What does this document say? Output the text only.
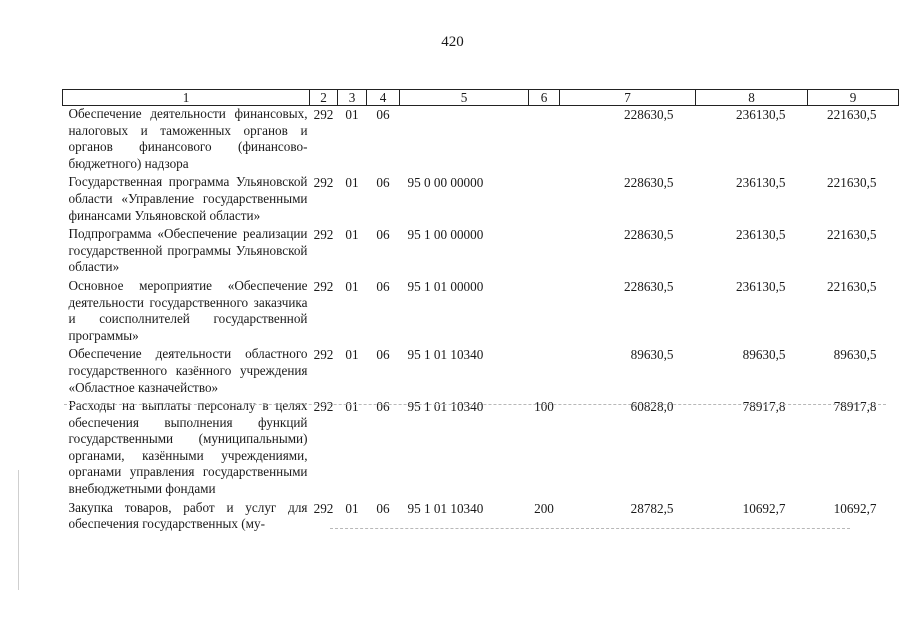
420
1	2	3	4	5	6	7	8	9
Обеспечение деятельности финансовых, налоговых и таможенных органов и органов финансового (финансово-бюджетного) надзора	292	01	06			228630,5	236130,5	221630,5
Государственная программа Ульяновской области «Управление государственными финансами Ульяновской области»	292	01	06	95 0 00 00000		228630,5	236130,5	221630,5
Подпрограмма «Обеспечение реализации государственной программы Ульяновской области»	292	01	06	95 1 00 00000		228630,5	236130,5	221630,5
Основное мероприятие «Обеспечение деятельности государственного заказчика и соисполнителей государственной программы»	292	01	06	95 1 01 00000		228630,5	236130,5	221630,5
Обеспечение деятельности областного государственного казённого учреждения «Областное казначейство»	292	01	06	95 1 01 10340		89630,5	89630,5	89630,5
Расходы на выплаты персоналу в целях обеспечения выполнения функций государственными (муниципальными) органами, казёнными учреждениями, органами управления государственными внебюджетными фондами	292	01	06	95 1 01 10340	100	60828,0	78917,8	78917,8
Закупка товаров, работ и услуг для обеспечения государственных (му-	292	01	06	95 1 01 10340	200	28782,5	10692,7	10692,7
